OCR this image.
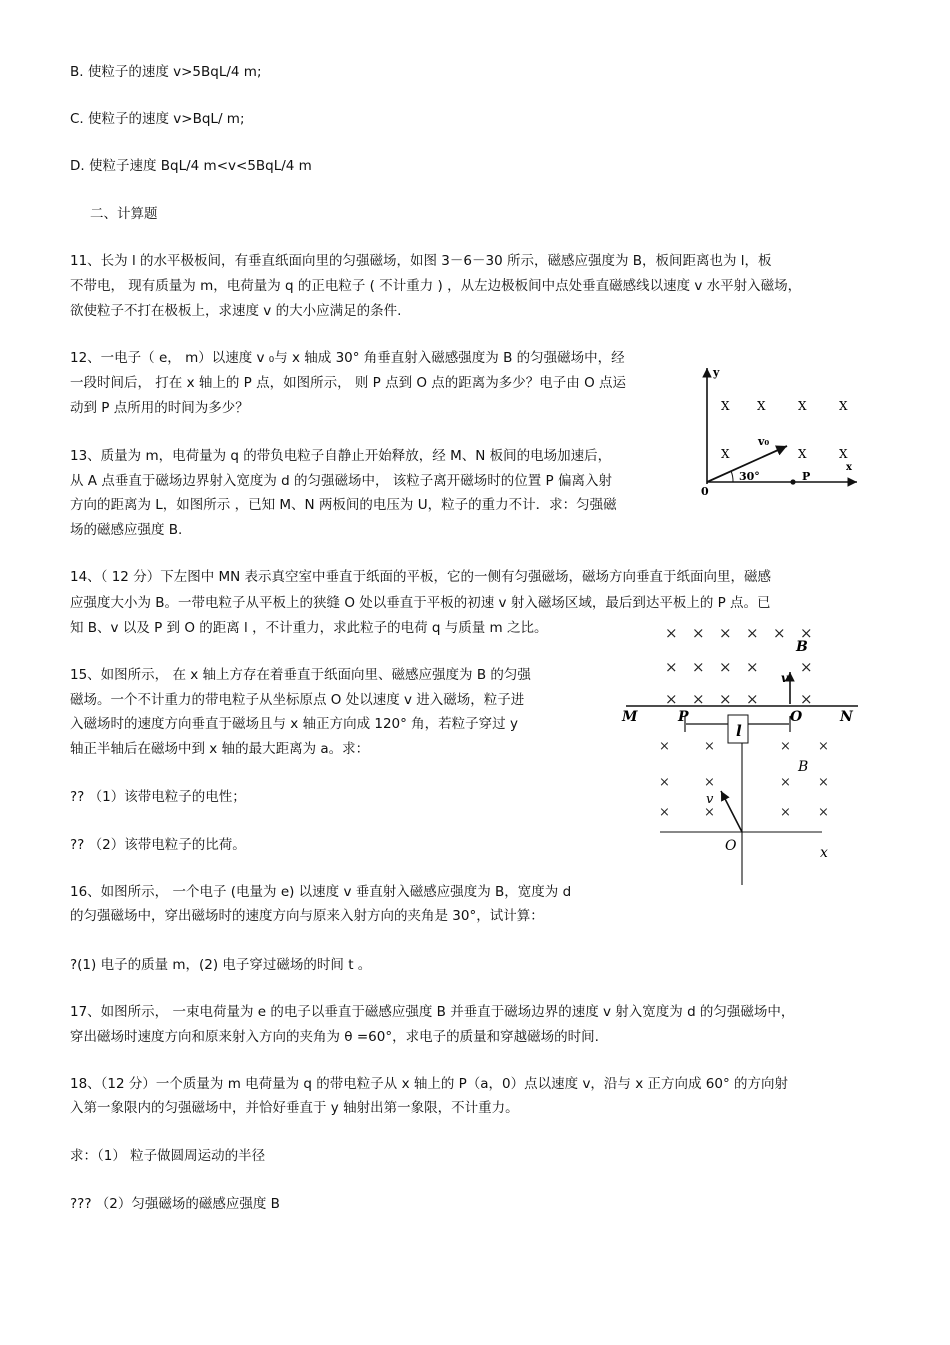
B. 使粒子的速度 v>5BqL/4 m;
C. 使粒子的速度 v>BqL/ m;
D. 使粒子速度 BqL/4 m<v<5BqL/4 m
二、计算题
11、长为 l 的水平极板间，有垂直纸面向里的匀强磁场，如图 3－6－30 所示，磁感应强度为 B，板间距离也为 l，板
不带电， 现有质量为 m，电荷量为 q 的正电粒子 ( 不计重力 ) ，从左边极板间中点处垂直磁感线以速度 v 水平射入磁场，
欲使粒子不打在极板上，求速度 v 的大小应满足的条件.
12、一电子（ e， m）以速度 v ₀与 x 轴成 30° 角垂直射入磁感强度为 B 的匀强磁场中，经
一段时间后， 打在 x 轴上的 P 点，如图所示， 则 P 点到 O 点的距离为多少？电子由 O 点运
动到 P 点所用的时间为多少？
13、质量为 m，电荷量为 q 的带负电粒子自静止开始释放，经 M、N 板间的电场加速后，
从 A 点垂直于磁场边界射入宽度为 d 的匀强磁场中， 该粒子离开磁场时的位置 P 偏离入射
方向的距离为 L，如图所示 ，已知 M、N 两板间的电压为 U，粒子的重力不计．求：匀强磁
场的磁感应强度 B.
14、（ 12 分）下左图中 MN 表示真空室中垂直于纸面的平板，它的一侧有匀强磁场，磁场方向垂直于纸面向里，磁感
应强度大小为 B。一带电粒子从平板上的狭缝 O 处以垂直于平板的初速 v 射入磁场区域，最后到达平板上的 P 点。已
知 B、v 以及 P 到 O 的距离 l ，不计重力，求此粒子的电荷 q 与质量 m 之比。
15、如图所示， 在 x 轴上方存在着垂直于纸面向里、磁感应强度为 B 的匀强
磁场。一个不计重力的带电粒子从坐标原点 O 处以速度 v 进入磁场，粒子进
入磁场时的速度方向垂直于磁场且与 x 轴正方向成 120° 角，若粒子穿过 y
轴正半轴后在磁场中到 x 轴的最大距离为 a。求：
?? （1）该带电粒子的电性；
?? （2）该带电粒子的比荷。
16、如图所示， 一个电子 (电量为 e) 以速度 v 垂直射入磁感应强度为 B，宽度为 d
的匀强磁场中，穿出磁场时的速度方向与原来入射方向的夹角是 30°，试计算：
?(1) 电子的质量 m，(2) 电子穿过磁场的时间 t 。
17、如图所示， 一束电荷量为 e 的电子以垂直于磁感应强度 B 并垂直于磁场边界的速度 v 射入宽度为 d 的匀强磁场中，
穿出磁场时速度方向和原来射入方向的夹角为 θ =60°，求电子的质量和穿越磁场的时间.
18、（12 分）一个质量为 m 电荷量为 q 的带电粒子从 x 轴上的 P（a，0）点以速度 v，沿与 x 正方向成 60° 的方向射
入第一象限内的匀强磁场中，并恰好垂直于 y 轴射出第一象限，不计重力。
求：（1） 粒子做圆周运动的半径
??? （2）匀强磁场的磁感应强度 B
y
x
0
v₀
30°	P
X X	X	X
X	X	X
× × × × × ×
× × × ×	×
× × × ×	×
B
v
M	N
P	O
l
×	×	× ×
×	×	× ×
×	×	× ×
B
v
O	x
